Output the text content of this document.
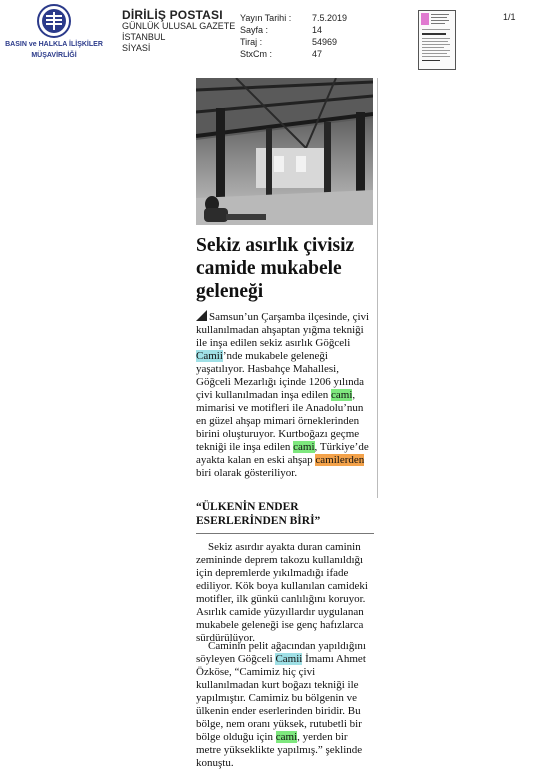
BASIN ve HALKLA İLİŞKİLER
MÜŞAVİRLİĞİ
DİRİLİŞ POSTASI
GÜNLÜK ULUSAL GAZETE
İSTANBUL
SİYASİ
Yayın Tarihi :	7.5.2019
Sayfa :	14
Tiraj :	54969
StxCm :	47
1/1
Sekiz asırlık çivisiz camide mukabele geleneği

Samsun’un Çarşamba ilçesinde, çivi kullanılmadan ahşaptan yığma tekniği ile inşa edilen sekiz asırlık Göğceli Camii’nde mukabele geleneği yaşatılıyor. Hasbahçe Mahallesi, Göğceli Mezarlığı içinde 1206 yılında çivi kullanılmadan inşa edilen cami, mimarisi ve motifleri ile Anadolu’nun en güzel ahşap mimari örneklerinden birini oluşturuyor. Kurtboğazı geçme tekniği ile inşa edilen cami, Türkiye’de ayakta kalan en eski ahşap camilerden biri olarak gösteriliyor.

“ÜLKENİN ENDER ESERLERİNDEN BİRİ”

Sekiz asırdır ayakta duran caminin zemininde deprem takozu kullanıldığı için depremlerde yıkılmadığı ifade ediliyor. Kök boya kullanılan camideki motifler, ilk günkü canlılığını koruyor. Asırlık camide yüzyıllardır uygulanan mukabele geleneği ise genç hafızlarca sürdürülüyor.

Caminin pelit ağacından yapıldığını söyleyen Göğceli Camii İmamı Ahmet Özköse, “Camimiz hiç çivi kullanılmadan kurt boğazı tekniği ile yapılmıştır. Camimiz bu bölgenin ve ülkenin ender eserlerinden biridir. Bu bölge, nem oranı yüksek, rutubetli bir bölge olduğu için cami, yerden bir metre yükseklikte yapılmış.” şeklinde konuştu.
